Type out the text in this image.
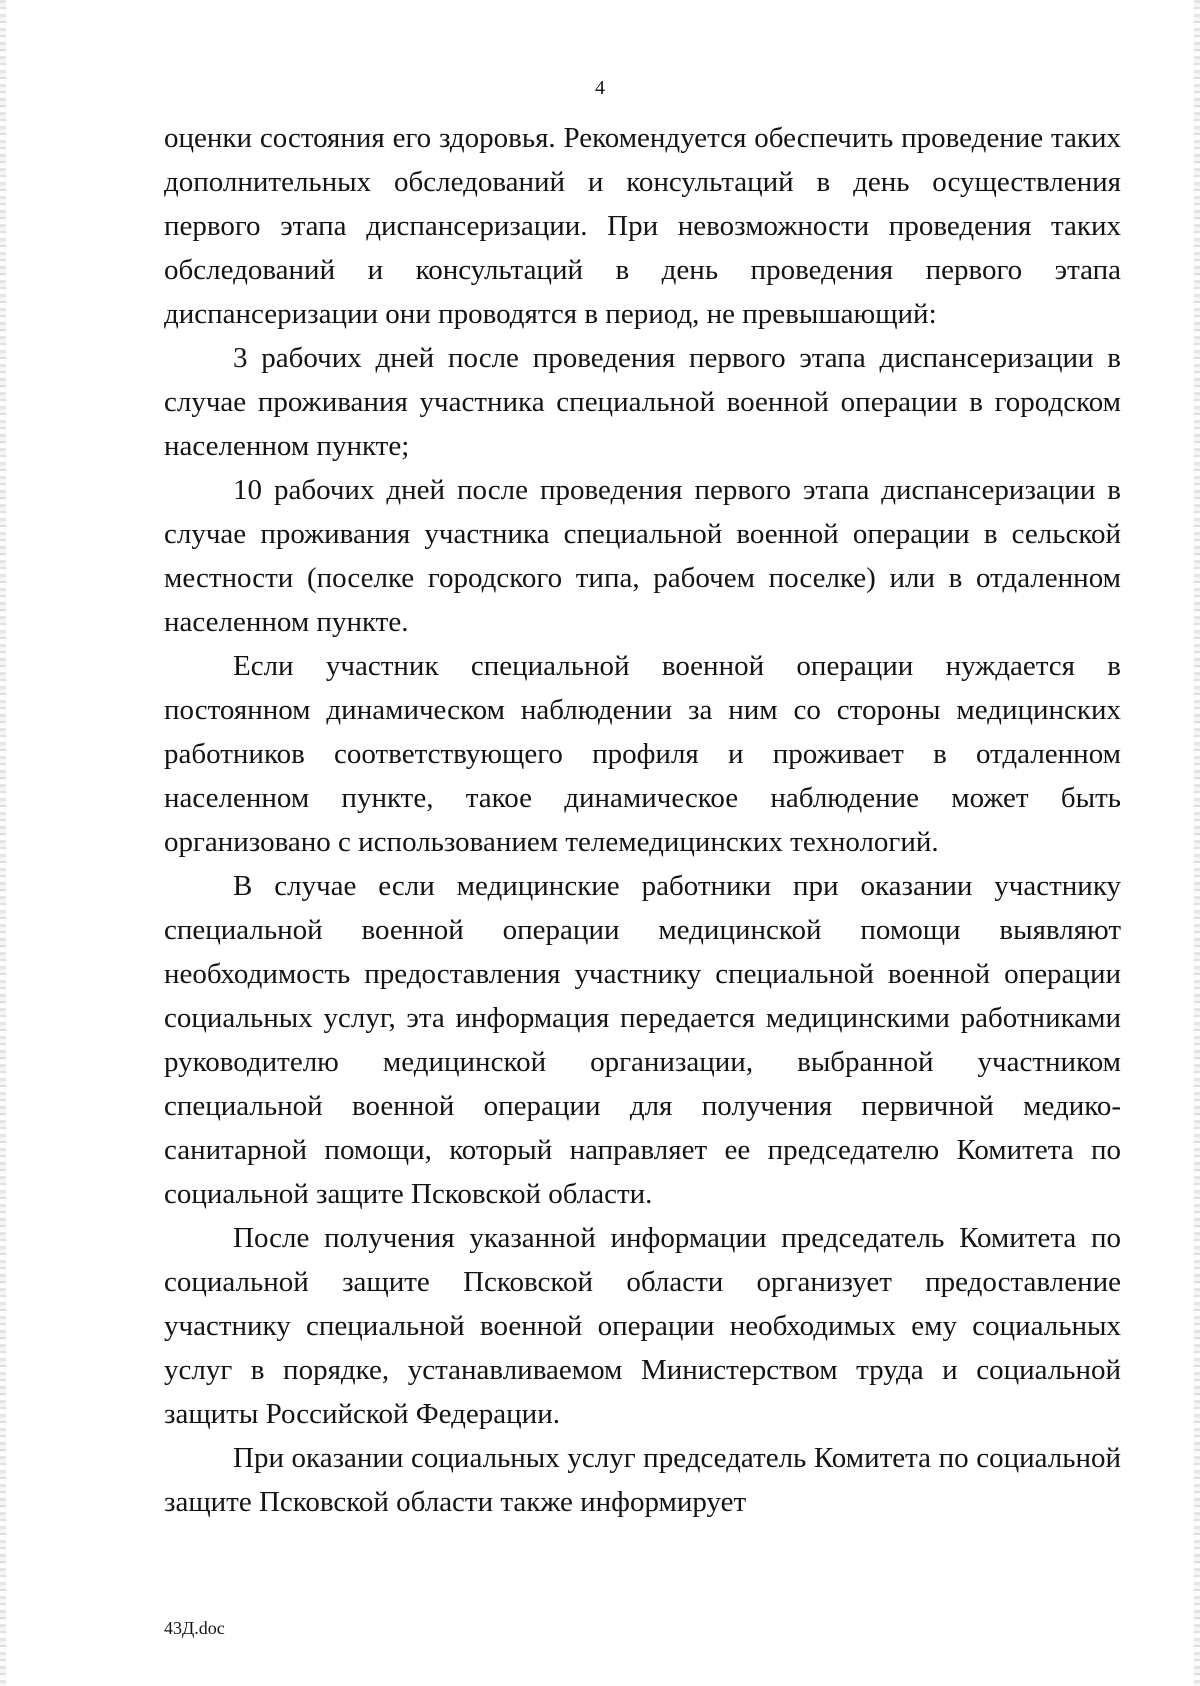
4

оценки состояния его здоровья. Рекомендуется обеспечить проведение таких дополнительных обследований и консультаций в день осуществления первого этапа диспансеризации. При невозможности проведения таких обследований и консультаций в день проведения первого этапа диспансеризации они проводятся в период, не превышающий:

3 рабочих дней после проведения первого этапа диспансеризации в случае проживания участника специальной военной операции в городском населенном пункте;

10 рабочих дней после проведения первого этапа диспансеризации в случае проживания участника специальной военной операции в сельской местности (поселке городского типа, рабочем поселке) или в отдаленном населенном пункте.

Если участник специальной военной операции нуждается в постоянном динамическом наблюдении за ним со стороны медицинских работников соответствующего профиля и проживает в отдаленном населенном пункте, такое динамическое наблюдение может быть организовано с использованием телемедицинских технологий.

В случае если медицинские работники при оказании участнику специальной военной операции медицинской помощи выявляют необходимость предоставления участнику специальной военной операции социальных услуг, эта информация передается медицинскими работниками руководителю медицинской организации, выбранной участником специальной военной операции для получения первичной медико-санитарной помощи, который направляет ее председателю Комитета по социальной защите Псковской области.

После получения указанной информации председатель Комитета по социальной защите Псковской области организует предоставление участнику специальной военной операции необходимых ему социальных услуг в порядке, устанавливаемом Министерством труда и социальной защиты Российской Федерации.

При оказании социальных услуг председатель Комитета по социальной защите Псковской области также информирует

43Д.doc
